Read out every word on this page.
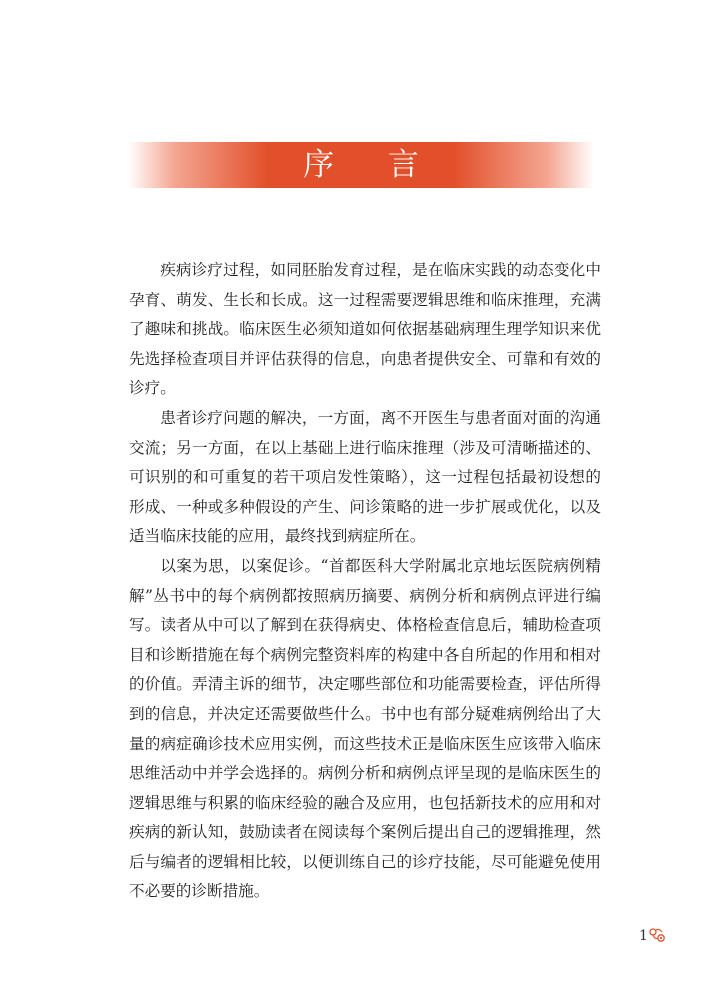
序 言

疾病诊疗过程，如同胚胎发育过程，是在临床实践的动态变化中孕育、萌发、生长和长成。这一过程需要逻辑思维和临床推理，充满了趣味和挑战。临床医生必须知道如何依据基础病理生理学知识来优先选择检查项目并评估获得的信息，向患者提供安全、可靠和有效的诊疗。

患者诊疗问题的解决，一方面，离不开医生与患者面对面的沟通交流；另一方面，在以上基础上进行临床推理（涉及可清晰描述的、可识别的和可重复的若干项启发性策略），这一过程包括最初设想的形成、一种或多种假设的产生、问诊策略的进一步扩展或优化，以及适当临床技能的应用，最终找到病症所在。

以案为思，以案促诊。“首都医科大学附属北京地坛医院病例精解”丛书中的每个病例都按照病历摘要、病例分析和病例点评进行编写。读者从中可以了解到在获得病史、体格检查信息后，辅助检查项目和诊断措施在每个病例完整资料库的构建中各自所起的作用和相对的价值。弄清主诉的细节，决定哪些部位和功能需要检查，评估所得到的信息，并决定还需要做些什么。书中也有部分疑难病例给出了大量的病症确诊技术应用实例，而这些技术正是临床医生应该带入临床思维活动中并学会选择的。病例分析和病例点评呈现的是临床医生的逻辑思维与积累的临床经验的融合及应用，也包括新技术的应用和对疾病的新认知，鼓励读者在阅读每个案例后提出自己的逻辑推理，然后与编者的逻辑相比较，以便训练自己的诊疗技能，尽可能避免使用不必要的诊断措施。

1
